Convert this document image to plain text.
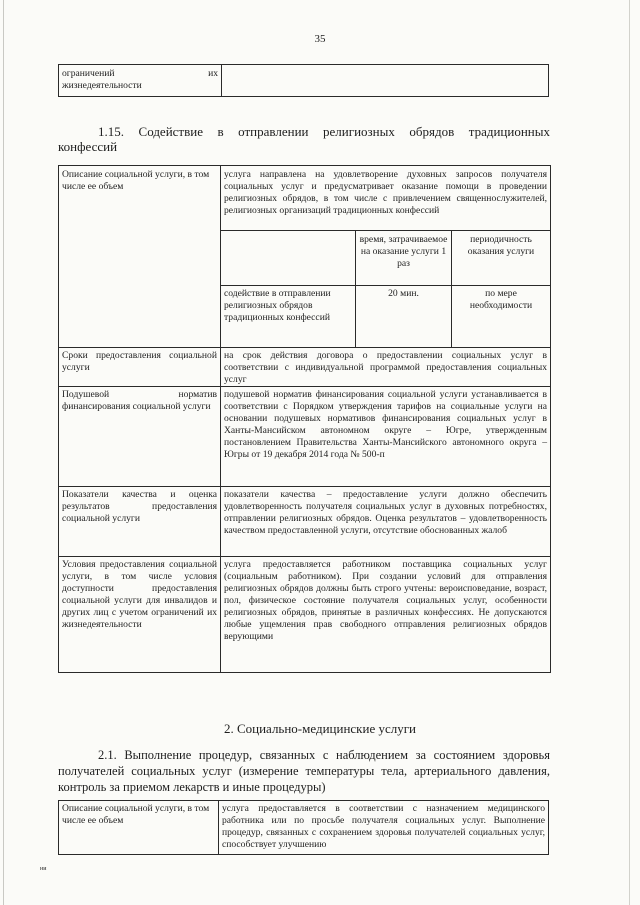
35
ограничений	их
жизнедеятельности

1.15. Содействие в отправлении религиозных обрядов традиционных
конфессий
Описание социальной услуги, в том числе ее объем	
услуга направлена на удовлетворение духовных запросов получателя социальных услуг и предусматривает оказание помощи в проведении религиозных обрядов, в том числе с привлечением священнослужителей, религиозных организаций традиционных конфессий
	время, затрачиваемое на оказание услуги 1 раз	периодичность оказания услуги
содействие в отправлении религиозных обрядов традиционных конфессий	20 мин.	по мере необходимости

Сроки предоставления социальной услуги	на срок действия договора о предоставлении социальных услуг в соответствии с индивидуальной программой предоставления социальных услуг
Подушевой норматив финансирования социальной услуги	подушевой норматив финансирования социальной услуги устанавливается в соответствии с Порядком утверждения тарифов на социальные услуги на основании подушевых нормативов финансирования социальных услуг в Ханты-Мансийском автономном округе – Югре, утвержденным постановлением Правительства Ханты-Мансийского автономного округа – Югры от 19 декабря 2014 года № 500-п
Показатели качества и оценка результатов предоставления социальной услуги	показатели качества – предоставление услуги должно обеспечить удовлетворенность получателя социальных услуг в духовных потребностях, отправлении религиозных обрядов. Оценка результатов – удовлетворенность качеством предоставленной услуги, отсутствие обоснованных жалоб
Условия предоставления социальной услуги, в том числе условия доступности предоставления социальной услуги для инвалидов и других лиц с учетом ограничений их жизнедеятельности	услуга предоставляется работником поставщика социальных услуг (социальным работником). При создании условий для отправления религиозных обрядов должны быть строго учтены: вероисповедание, возраст, пол, физическое состояние получателя социальных услуг, особенности религиозных обрядов, принятые в различных конфессиях. Не допускаются любые ущемления прав свободного отправления религиозных обрядов верующими
2. Социально-медицинские услуги
2.1. Выполнение процедур, связанных с наблюдением за состоянием здоровья получателей социальных услуг (измерение температуры тела, артериального давления, контроль за приемом лекарств и иные процедуры)
Описание социальной услуги, в том числе ее объем	услуга предоставляется в соответствии с назначением медицинского работника или по просьбе получателя социальных услуг. Выполнение процедур, связанных с сохранением здоровья получателей социальных услуг, способствует улучшению
ни
